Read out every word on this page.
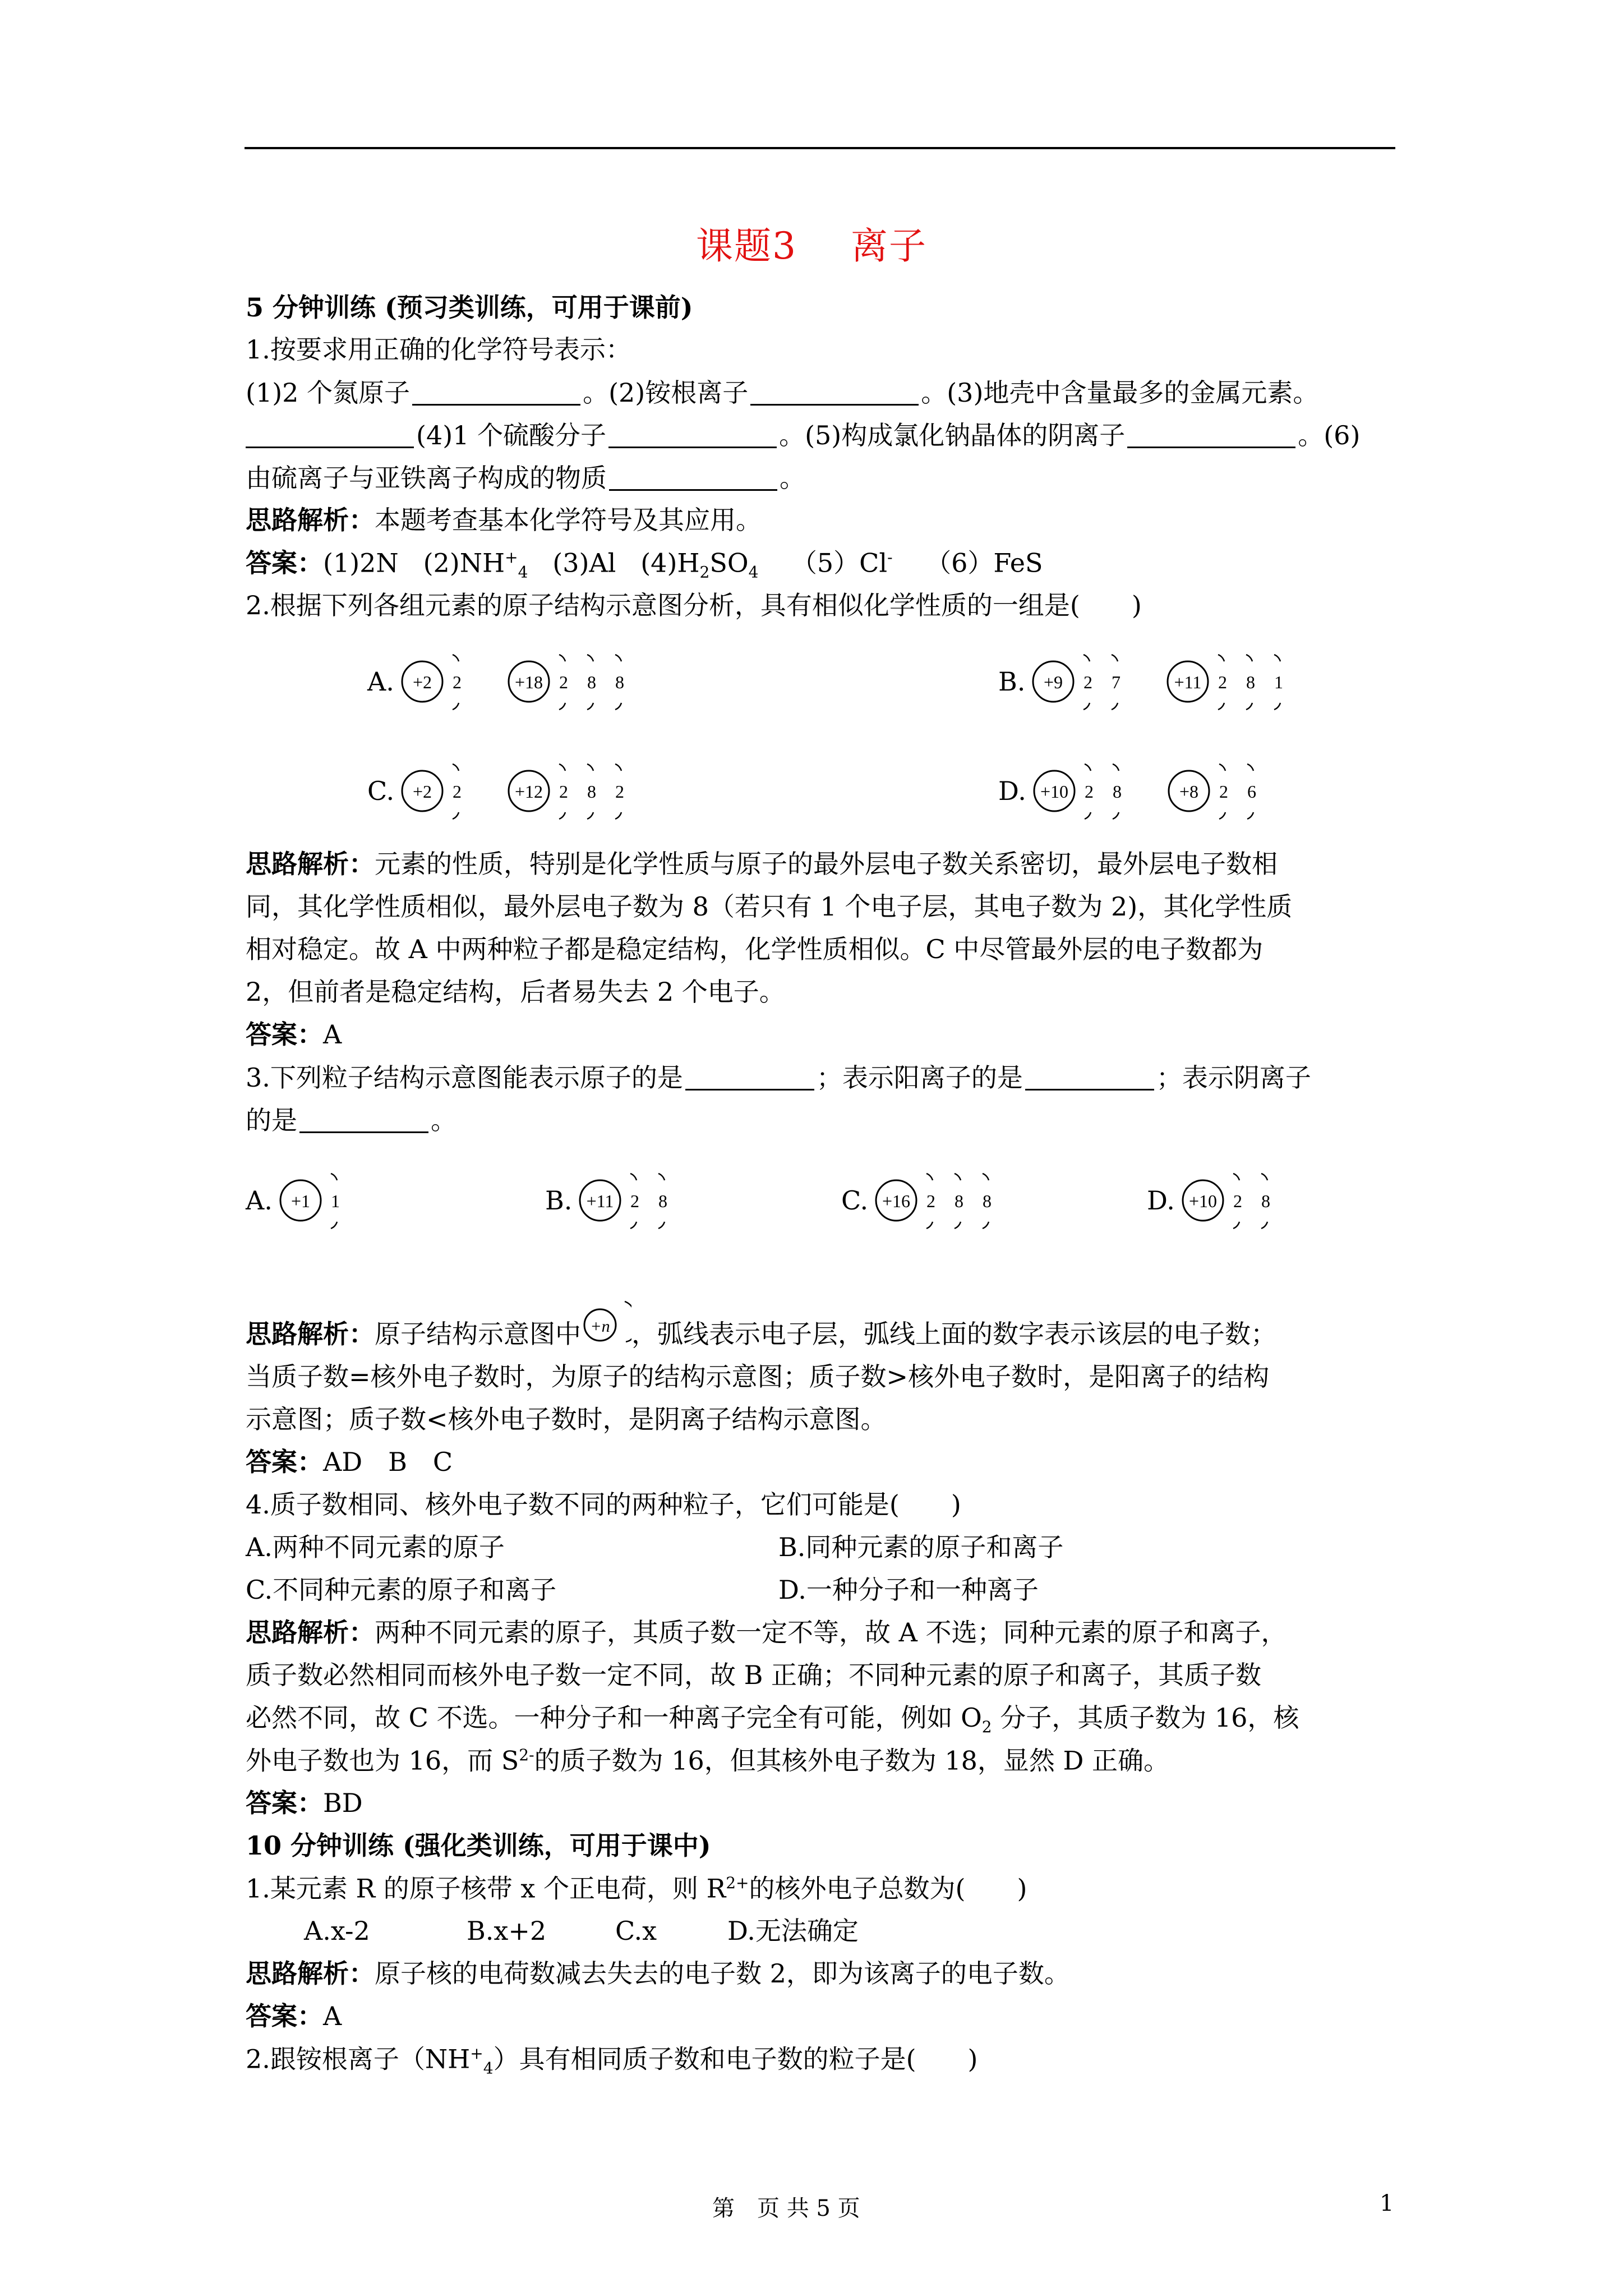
课题3 离子
5 分钟训练 (预习类训练，可用于课前)
1.按要求用正确的化学符号表示：
(1)2 个氮原子	。(2)铵根离子	。(3)地壳中含量最多的金属元素。
(4)1 个硫酸分子	。(5)构成氯化钠晶体的阴离子	。(6)
由硫离子与亚铁离子构成的物质	。
思路解析：本题考查基本化学符号及其应用。
答案：(1)2N $(2)NH^+_4$ (3)Al $(4)H_2SO_4$ （5）Cl- （6）FeS
2.根据下列各组元素的原子结构示意图分析，具有相似化学性质的一组是(　　)
A. +2 2	+18 2 8 8	B. +9 2 7	+11 2 8 1
C. +2 2	+12 2 8 2	D. +10 2 8	+8 2 6
思路解析：元素的性质，特别是化学性质与原子的最外层电子数关系密切，最外层电子数相
同，其化学性质相似，最外层电子数为 8（若只有 1 个电子层，其电子数为 2)，其化学性质
相对稳定。故 A 中两种粒子都是稳定结构，化学性质相似。C 中尽管最外层的电子数都为
2，但前者是稳定结构，后者易失去 2 个电子。
答案：A
3.下列粒子结构示意图能表示原子的是	；表示阳离子的是	；表示阴离子
的是	。
A. +1 1	B. +11 2 8	C. +16 2 8 8	D. +10 2 8
思路解析：原子结构示意图中 +n ，弧线表示电子层，弧线上面的数字表示该层的电子数；
当质子数=核外电子数时，为原子的结构示意图；质子数>核外电子数时，是阳离子的结构
示意图；质子数<核外电子数时，是阴离子结构示意图。
答案：AD　B　C
4.质子数相同、核外电子数不同的两种粒子，它们可能是(　　)
A.两种不同元素的原子	B.同种元素的原子和离子
C.不同种元素的原子和离子	D.一种分子和一种离子
思路解析：两种不同元素的原子，其质子数一定不等，故 A 不选；同种元素的原子和离子，
质子数必然相同而核外电子数一定不同，故 B 正确；不同种元素的原子和离子，其质子数
必然不同，故 C 不选。一种分子和一种离子完全有可能，例如 $O_2$ 分子，其质子数为 16，核
外电子数也为 16，而 $S^{2-}$的质子数为 16，但其核外电子数为 18，显然 D 正确。
答案：BD
10 分钟训练 (强化类训练，可用于课中)
1.某元素 R 的原子核带 x 个正电荷，则 $R^{2+}$的核外电子总数为(　　)
A.x-2	B.x+2	C.x	D.无法确定
思路解析：原子核的电荷数减去失去的电子数 2，即为该离子的电子数。
答案：A
2.跟铵根离子$(NH^+_4)$具有相同质子数和电子数的粒子是(　　)
第　页 共 5 页	1
